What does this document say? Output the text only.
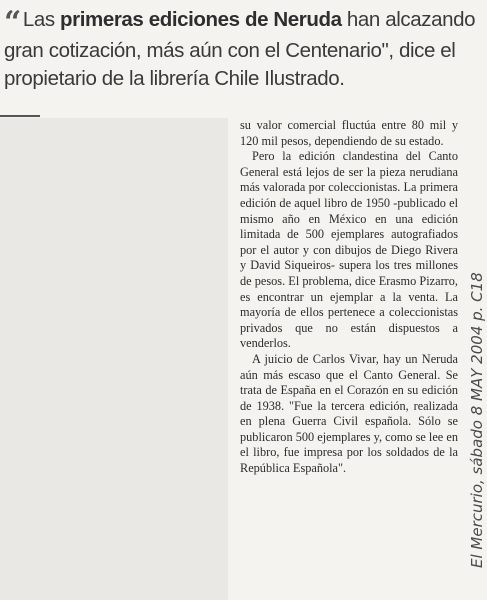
“Las primeras ediciones de Neruda han alcazando gran cotización, más aún con el Centenario", dice el propietario de la librería Chile Ilustrado.

su valor comercial fluctúa entre 80 mil y 120 mil pesos, dependiendo de su estado.

Pero la edición clandestina del Canto General está lejos de ser la pieza nerudiana más valorada por coleccionistas. La primera edición de aquel libro de 1950 -publicado el mismo año en México en una edición limitada de 500 ejemplares autografiados por el autor y con dibujos de Diego Rivera y David Siqueiros- supera los tres millones de pesos. El problema, dice Erasmo Pizarro, es encontrar un ejemplar a la venta. La mayoría de ellos pertenece a coleccionistas privados que no están dispuestos a venderlos.

A juicio de Carlos Vivar, hay un Neruda aún más escaso que el Canto General. Se trata de España en el Corazón en su edición de 1938. "Fue la tercera edición, realizada en plena Guerra Civil española. Sólo se publicaron 500 ejemplares y, como se lee en el libro, fue impresa por los soldados de la República Española".	El Mercurio, sábado 8 MAY 2004 p. C18
